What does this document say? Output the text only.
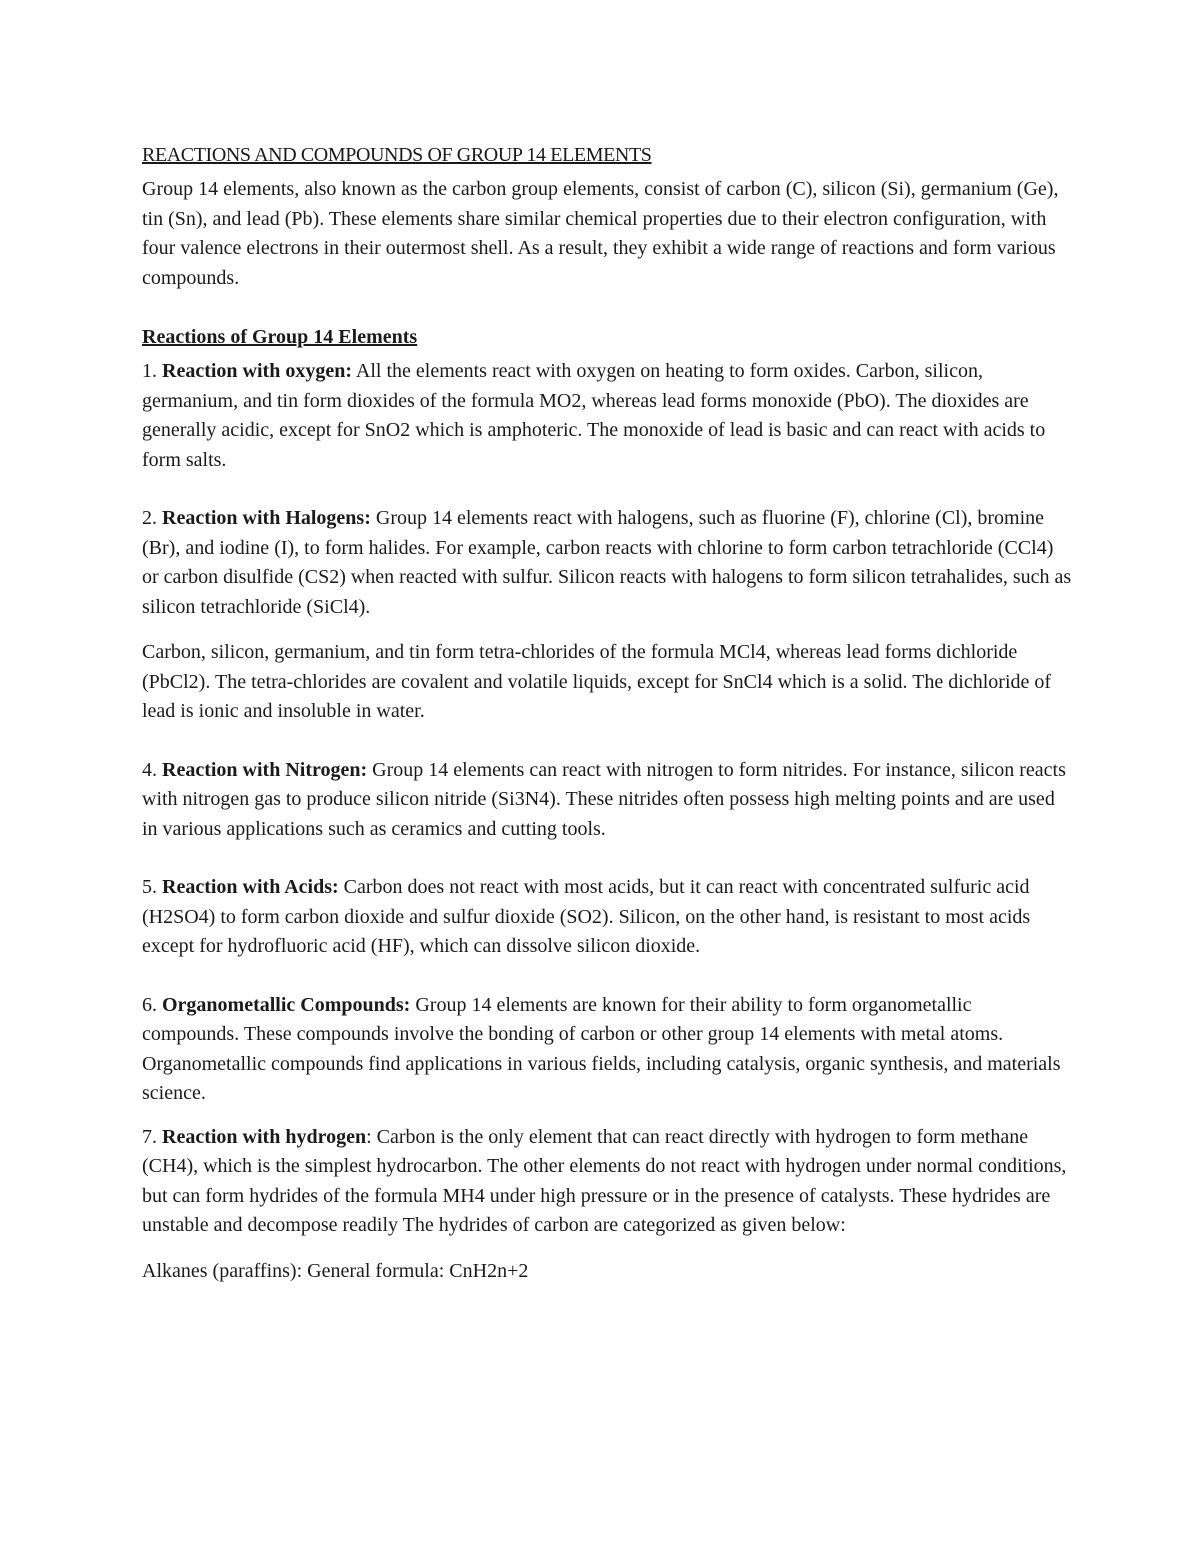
REACTIONS AND COMPOUNDS OF GROUP 14 ELEMENTS

Group 14 elements, also known as the carbon group elements, consist of carbon (C), silicon (Si), germanium (Ge), tin (Sn), and lead (Pb). These elements share similar chemical properties due to their electron configuration, with four valence electrons in their outermost shell. As a result, they exhibit a wide range of reactions and form various compounds.

Reactions of Group 14 Elements

1. Reaction with oxygen: All the elements react with oxygen on heating to form oxides. Carbon, silicon, germanium, and tin form dioxides of the formula MO2, whereas lead forms monoxide (PbO). The dioxides are generally acidic, except for SnO2 which is amphoteric. The monoxide of lead is basic and can react with acids to form salts.

2. Reaction with Halogens: Group 14 elements react with halogens, such as fluorine (F), chlorine (Cl), bromine (Br), and iodine (I), to form halides. For example, carbon reacts with chlorine to form carbon tetrachloride (CCl4) or carbon disulfide (CS2) when reacted with sulfur. Silicon reacts with halogens to form silicon tetrahalides, such as silicon tetrachloride (SiCl4).

Carbon, silicon, germanium, and tin form tetra-chlorides of the formula MCl4, whereas lead forms dichloride (PbCl2). The tetra-chlorides are covalent and volatile liquids, except for SnCl4 which is a solid. The dichloride of lead is ionic and insoluble in water.

4. Reaction with Nitrogen: Group 14 elements can react with nitrogen to form nitrides. For instance, silicon reacts with nitrogen gas to produce silicon nitride (Si3N4). These nitrides often possess high melting points and are used in various applications such as ceramics and cutting tools.

5. Reaction with Acids: Carbon does not react with most acids, but it can react with concentrated sulfuric acid (H2SO4) to form carbon dioxide and sulfur dioxide (SO2). Silicon, on the other hand, is resistant to most acids except for hydrofluoric acid (HF), which can dissolve silicon dioxide.

6. Organometallic Compounds: Group 14 elements are known for their ability to form organometallic compounds. These compounds involve the bonding of carbon or other group 14 elements with metal atoms. Organometallic compounds find applications in various fields, including catalysis, organic synthesis, and materials science.

7. Reaction with hydrogen: Carbon is the only element that can react directly with hydrogen to form methane (CH4), which is the simplest hydrocarbon. The other elements do not react with hydrogen under normal conditions, but can form hydrides of the formula MH4 under high pressure or in the presence of catalysts. These hydrides are unstable and decompose readily The hydrides of carbon are categorized as given below:

Alkanes (paraffins): General formula: CnH2n+2
